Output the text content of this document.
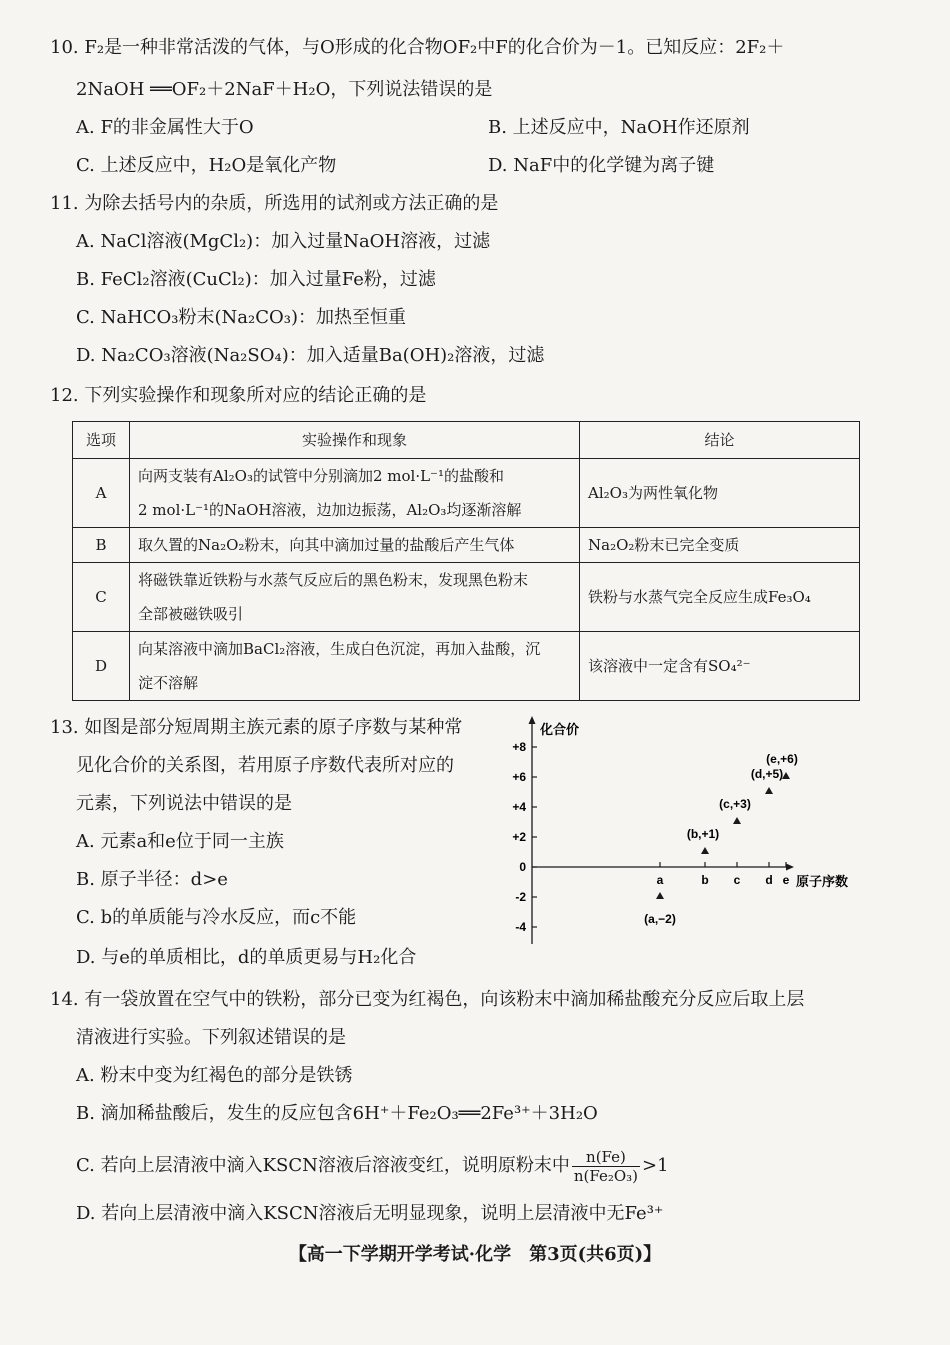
10. F₂是一种非常活泼的气体，与O形成的化合物OF₂中F的化合价为－1。已知反应：2F₂＋
2NaOH ══OF₂＋2NaF＋H₂O，下列说法错误的是
A. F的非金属性大于O	B. 上述反应中，NaOH作还原剂
C. 上述反应中，H₂O是氧化产物	D. NaF中的化学键为离子键
11. 为除去括号内的杂质，所选用的试剂或方法正确的是
A. NaCl溶液(MgCl₂)：加入过量NaOH溶液，过滤
B. FeCl₂溶液(CuCl₂)：加入过量Fe粉，过滤
C. NaHCO₃粉末(Na₂CO₃)：加热至恒重
D. Na₂CO₃溶液(Na₂SO₄)：加入适量Ba(OH)₂溶液，过滤
12. 下列实验操作和现象所对应的结论正确的是
选项	实验操作和现象	结论
A	向两支装有Al₂O₃的试管中分别滴加2 mol·L⁻¹的盐酸和
2 mol·L⁻¹的NaOH溶液，边加边振荡，Al₂O₃均逐渐溶解	Al₂O₃为两性氧化物
B	取久置的Na₂O₂粉末，向其中滴加过量的盐酸后产生气体	Na₂O₂粉末已完全变质
C	将磁铁靠近铁粉与水蒸气反应后的黑色粉末，发现黑色粉末
全部被磁铁吸引	铁粉与水蒸气完全反应生成Fe₃O₄
D	向某溶液中滴加BaCl₂溶液，生成白色沉淀，再加入盐酸，沉
淀不溶解	该溶液中一定含有SO₄²⁻
13. 如图是部分短周期主族元素的原子序数与某种常
见化合价的关系图，若用原子序数代表所对应的
元素，下列说法中错误的是
A. 元素a和e位于同一主族
B. 原子半径：d>e
C. b的单质能与冷水反应，而c不能
D. 与e的单质相比，d的单质更易与H₂化合
化合价
原子序数
+8
+6
+4
+2
0
-2
-4
a
(a,−2)
b
(b,+1)
c
(c,+3)
d
(d,+5)
e
(e,+6)
14. 有一袋放置在空气中的铁粉，部分已变为红褐色，向该粉末中滴加稀盐酸充分反应后取上层
清液进行实验。下列叙述错误的是
A. 粉末中变为红褐色的部分是铁锈
B. 滴加稀盐酸后，发生的反应包含6H⁺＋Fe₂O₃══2Fe³⁺＋3H₂O
C. 若向上层清液中滴入KSCN溶液后溶液变红，说明原粉末中 $\frac{n(Fe)}{\text{n(Fe₂O₃)}} >1$
D. 若向上层清液中滴入KSCN溶液后无明显现象，说明上层清液中无Fe³⁺
【高一下学期开学考试·化学　第3页(共6页)】
